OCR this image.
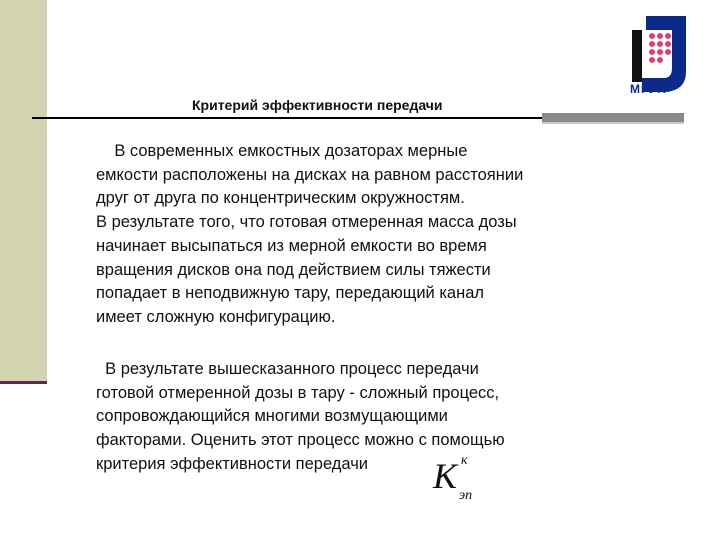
Критерий эффективности передачи
МГУП
В современных емкостных дозаторах мерные
емкости расположены на дисках на равном расстоянии
друг от друга по концентрическим окружностям.
В результате того, что готовая отмеренная масса дозы
начинает высыпаться из мерной емкости во время
вращения дисков она под действием силы тяжести
попадает в неподвижную тару, передающий канал
имеет сложную конфигурацию.
В результате вышесказанного процесс передачи
готовой отмеренной дозы в тару - сложный процесс,
сопровождающийся многими возмущающими
факторами. Оценить этот процесс можно с помощью
критерия эффективности передачи	K к
эп
